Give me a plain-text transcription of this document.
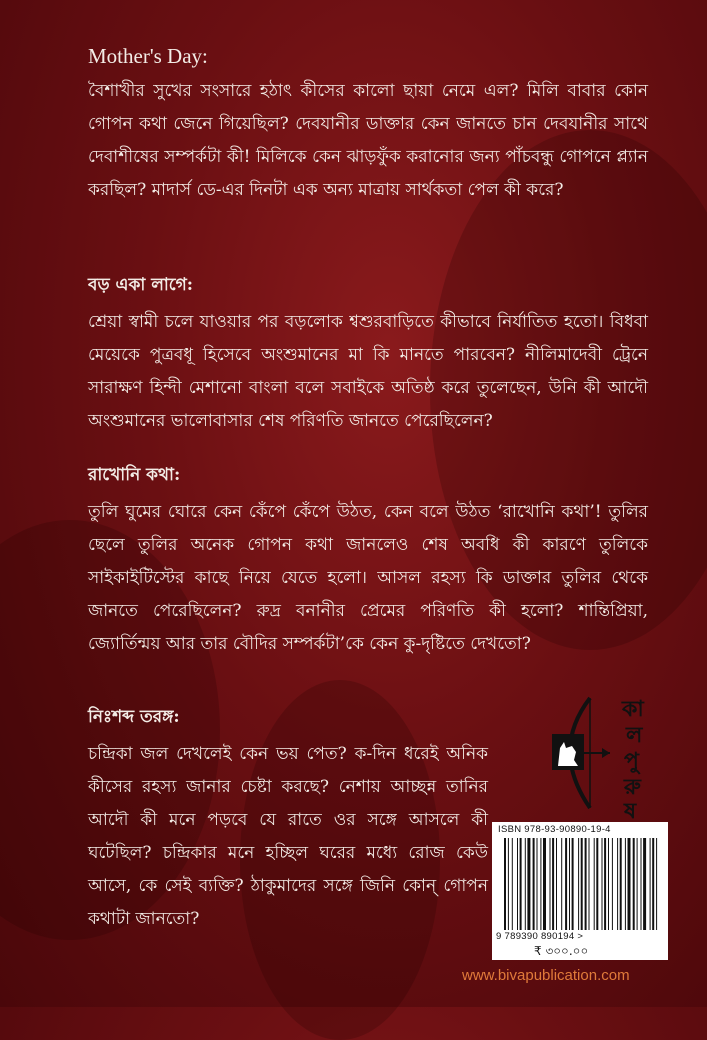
Mother's Day:
বৈশাখীর সুখের সংসারে হঠাৎ কীসের কালো ছায়া নেমে এল? মিলি বাবার কোন গোপন কথা জেনে গিয়েছিল? দেবযানীর ডাক্তার কেন জানতে চান দেবযানীর সাথে দেবাশীষের সম্পর্কটা কী! মিলিকে কেন ঝাড়ফুঁক করানোর জন্য পাঁচবন্ধু গোপনে প্ল্যান করছিল? মাদার্স ডে-এর দিনটা এক অন্য মাত্রায় সার্থকতা পেল কী করে?
বড় একা লাগে:
শ্রেয়া স্বামী চলে যাওয়ার পর বড়লোক শ্বশুরবাড়িতে কীভাবে নির্যাতিত হতো। বিধবা মেয়েকে পুত্রবধূ হিসেবে অংশুমানের মা কি মানতে পারবেন? নীলিমাদেবী ট্রেনে সারাক্ষণ হিন্দী মেশানো বাংলা বলে সবাইকে অতিষ্ঠ করে তুলেছেন, উনি কী আদৌ অংশুমানের ভালোবাসার শেষ পরিণতি জানতে পেরেছিলেন?
রাখোনি কথা:
তুলি ঘুমের ঘোরে কেন কেঁপে কেঁপে উঠত, কেন বলে উঠত ‘রাখোনি কথা’! তুলির ছেলে তুলির অনেক গোপন কথা জানলেও শেষ অবধি কী কারণে তুলিকে সাইকাইটিস্টের কাছে নিয়ে যেতে হলো। আসল রহস্য কি ডাক্তার তুলির থেকে জানতে পেরেছিলেন? রুদ্র বনানীর প্রেমের পরিণতি কী হলো? শান্তিপ্রিয়া, জ্যোর্তিন্ময় আর তার বৌদির সম্পর্কটা’কে কেন কু-দৃষ্টিতে দেখতো?
নিঃশব্দ তরঙ্গ:
চন্দ্রিকা জল দেখলেই কেন ভয় পেত? ক-দিন ধরেই অনিক কীসের রহস্য জানার চেষ্টা করছে? নেশায় আচ্ছন্ন তানির আদৌ কী মনে পড়বে যে রাতে ওর সঙ্গে আসলে কী ঘটেছিল? চন্দ্রিকার মনে হচ্ছিল ঘরের মধ্যে রোজ কেউ আসে, কে সেই ব্যক্তি? ঠাকুমাদের সঙ্গে জিনি কোন্ গোপন কথাটা জানতো?
কা
ল
পু
রু
ষ
ISBN 978-93-90890-19-4
9 789390 890194 >
₹ ৩০০.০০
www.bivapublication.com
